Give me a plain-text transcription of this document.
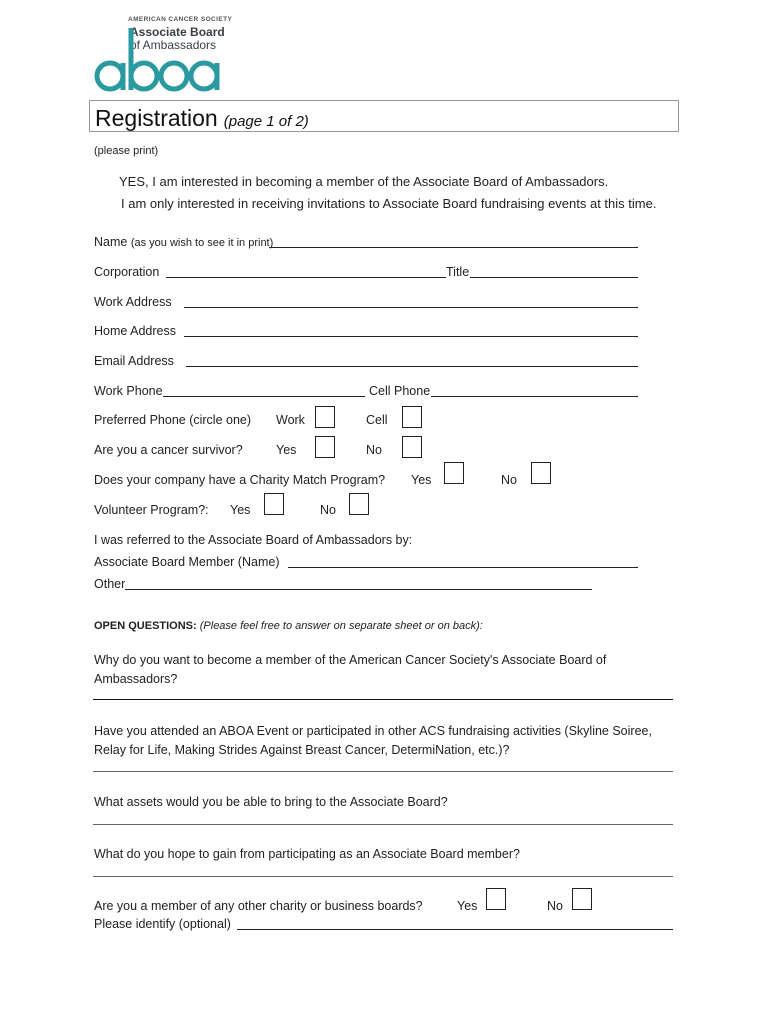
AMERICAN CANCER SOCIETY
Associate Board
of Ambassadors
Registration (page 1 of 2)
(please print)
YES, I am interested in becoming a member of the Associate Board of Ambassadors.
I am only interested in receiving invitations to Associate Board fundraising events at this time.
Name (as you wish to see it in print)
Corporation	Title
Work Address
Home Address
Email Address
Work Phone	Cell Phone
Preferred Phone (circle one) Work	Cell
Are you a cancer survivor?	Yes	No
Does your company have a Charity Match Program? Yes	No
Volunteer Program?: Yes	No
I was referred to the Associate Board of Ambassadors by:
Associate Board Member (Name)
Other
OPEN QUESTIONS: (Please feel free to answer on separate sheet or on back):
Why do you want to become a member of the American Cancer Society's Associate Board of
Ambassadors?
Have you attended an ABOA Event or participated in other ACS fundraising activities (Skyline Soiree,
Relay for Life, Making Strides Against Breast Cancer, DetermiNation, etc.)?
What assets would you be able to bring to the Associate Board?
What do you hope to gain from participating as an Associate Board member?
Are you a member of any other charity or business boards?	Yes	No
Please identify (optional)
